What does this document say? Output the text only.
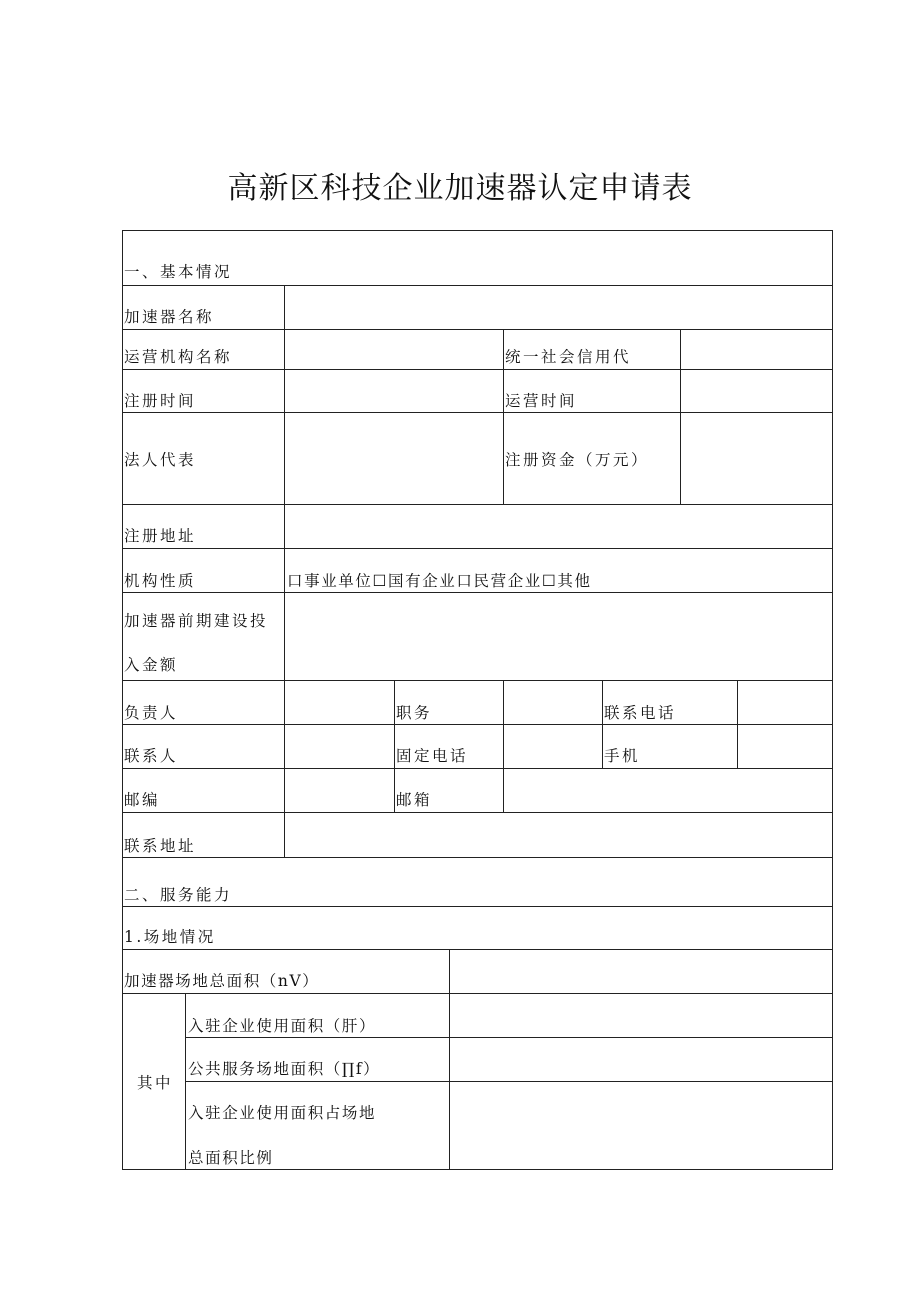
高新区科技企业加速器认定申请表
一、基本情况
加速器名称
运营机构名称	统一社会信用代
注册时间	运营时间
法人代表	注册资金（万元）
注册地址
机构性质	口事业单位☐国有企业口民营企业☐其他
加速器前期建设投
入金额
负责人	职务	联系电话
联系人	固定电话	手机
邮编	邮箱
联系地址
二、服务能力
1.场地情况
加速器场地总面积（nV）
其中
入驻企业使用面积（肝）
公共服务场地面积（∏f）
入驻企业使用面积占场地
总面积比例
